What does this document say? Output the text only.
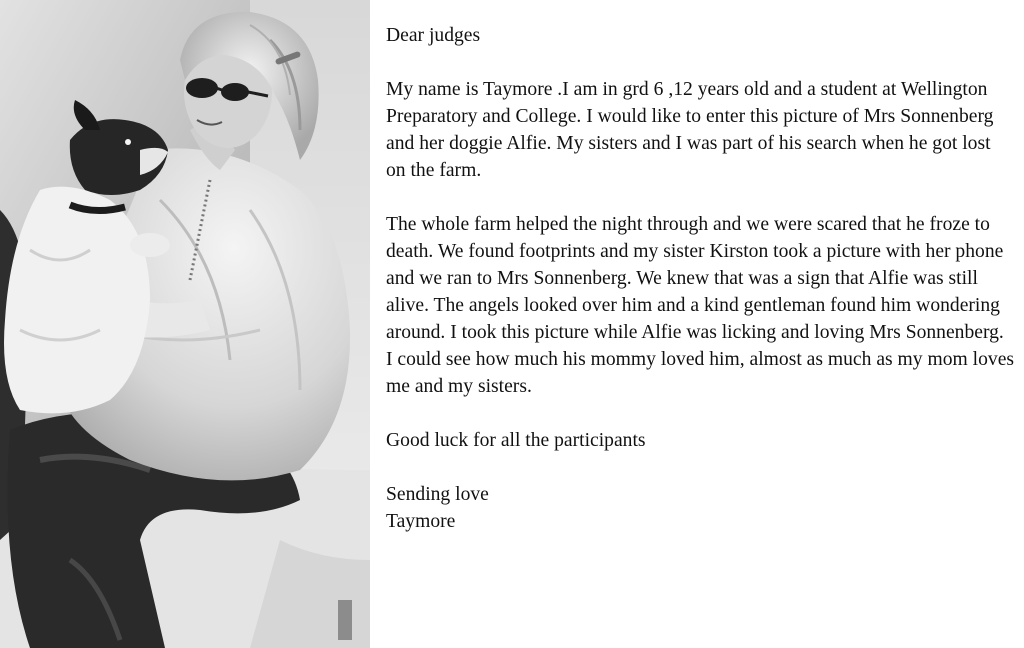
Dear judges

My name is Taymore .I am in grd 6 ,12 years old and a student at Wellington Preparatory and College. I would like to enter this picture of Mrs Sonnenberg and her doggie Alfie. My sisters and I was part of his search when he got lost on the farm.

The whole farm helped the night through and we were scared that he froze to death. We found footprints and my sister Kirston took a picture with her phone and we ran to Mrs Sonnenberg. We knew that was a sign that Alfie was still alive. The angels looked over him and a kind gentleman found him wondering around. I took this picture while Alfie was licking and loving Mrs Sonnenberg. I could see how much his mommy loved him, almost as much as my mom loves me and my sisters.

Good luck for all the participants

Sending love

Taymore
